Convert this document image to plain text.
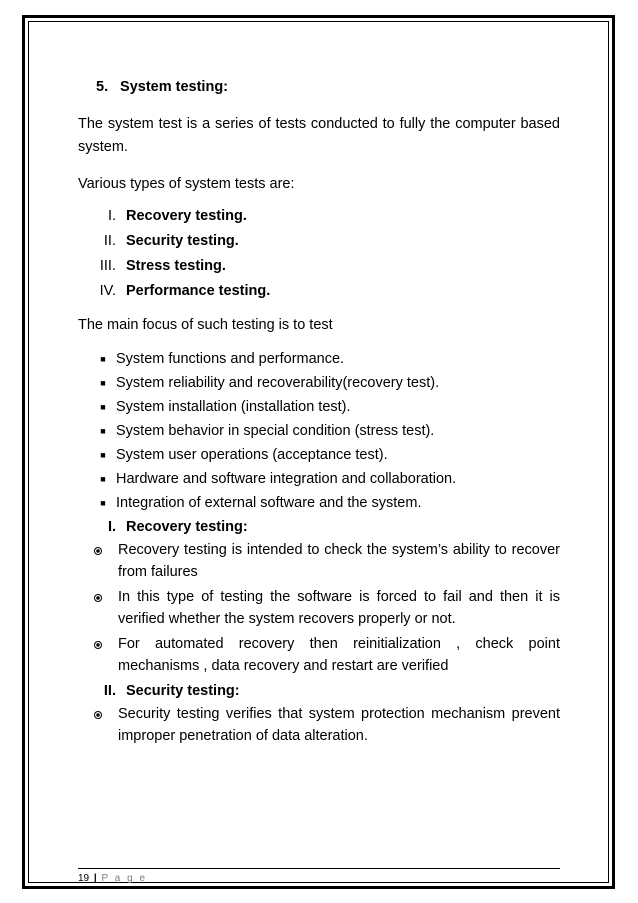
5. System testing:

The system test is a series of tests conducted to fully the computer based system.

Various types of system tests are:

I. Recovery testing.
II. Security testing.
III. Stress testing.
IV. Performance testing.

The main focus of such testing is to test

■ System functions and performance.
■ System reliability and recoverability(recovery test).
■ System installation (installation test).
■ System behavior in special condition (stress test).
■ System user operations (acceptance test).
■ Hardware and software integration and collaboration.
■ Integration of external software and the system.
I. Recovery testing:
Recovery testing is intended to check the system’s ability to recover from failures
In this type of testing the software is forced to fail and then it is verified whether the system recovers properly or not.
For automated recovery then reinitialization , check point mechanisms , data recovery and restart are verified
II. Security testing:
Security testing verifies that system protection mechanism prevent improper penetration of data alteration.
19 | P a g e
